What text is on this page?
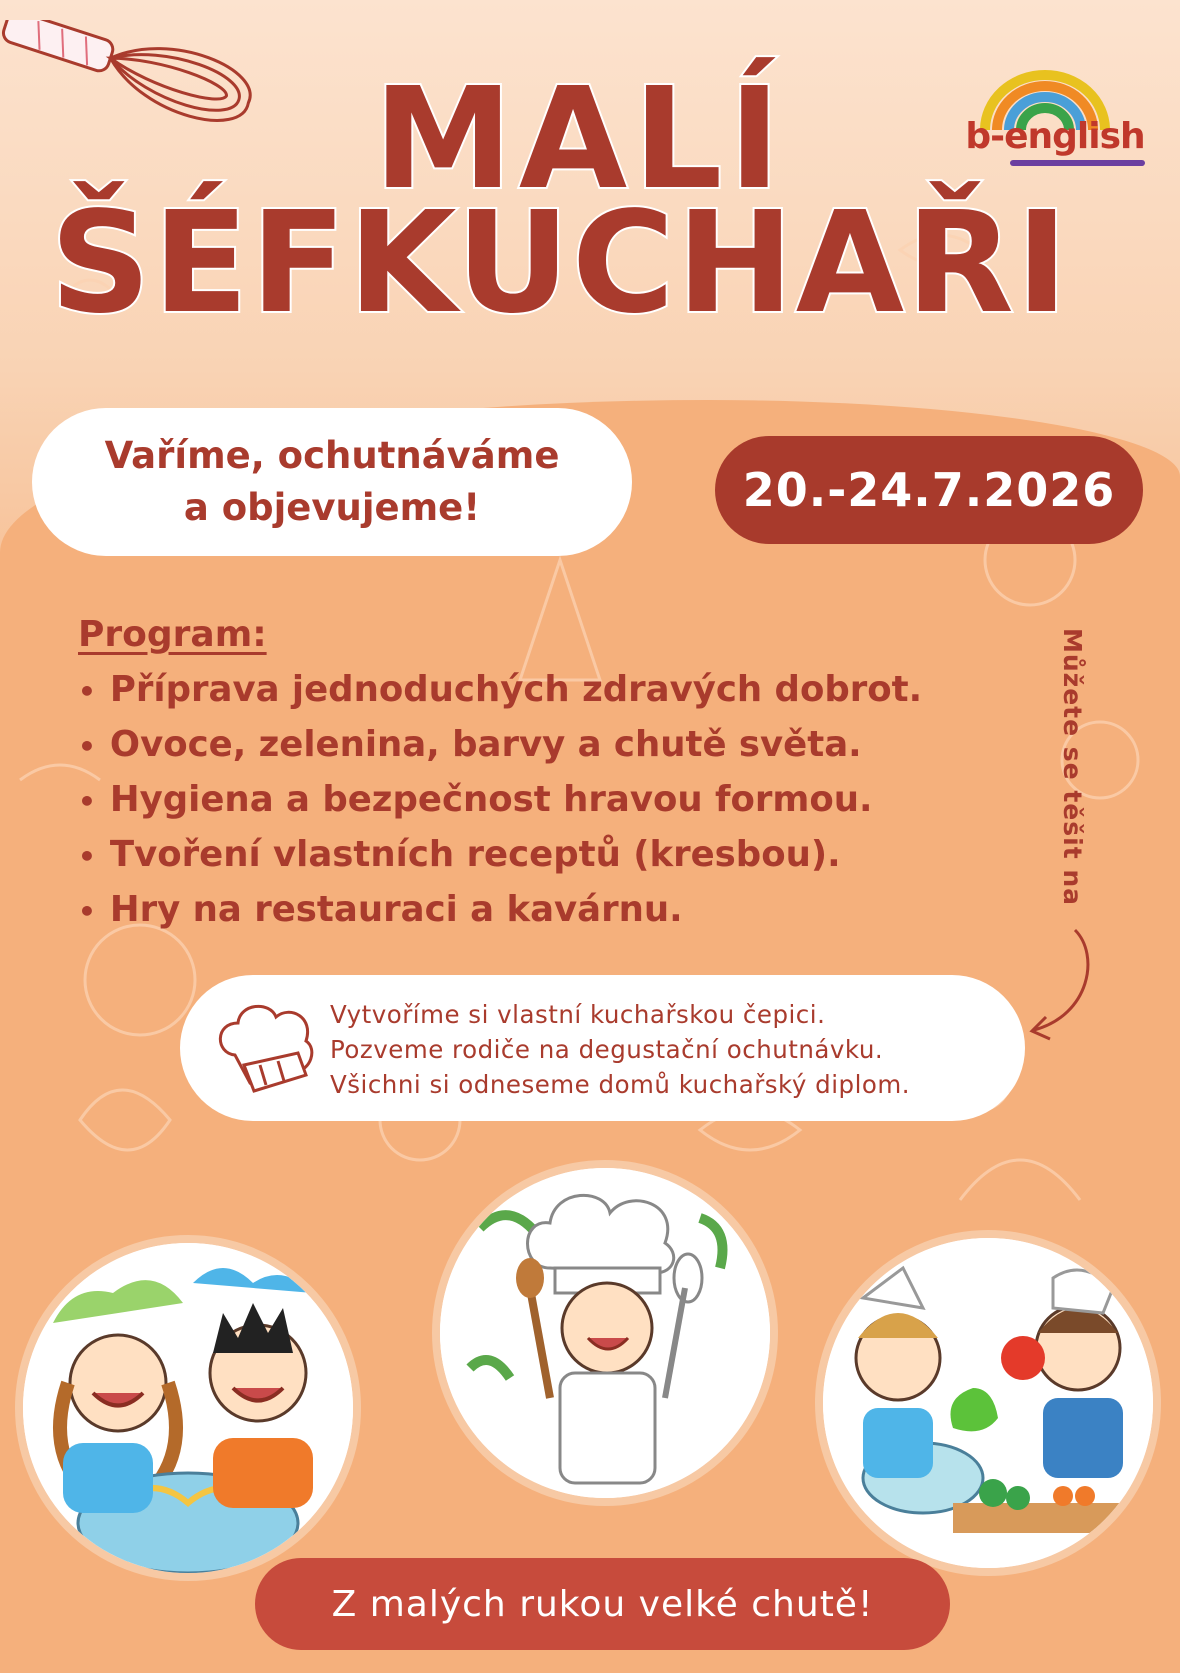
b-english
MALÍ
ŠÉFKUCHAŘI
Vaříme, ochutnáváme
a objevujeme!	20.-24.7.2026
Program:
• Příprava jednoduchých zdravých dobrot.
• Ovoce, zelenina, barvy a chutě světa.
• Hygiena a bezpečnost hravou formou.
• Tvoření vlastních receptů (kresbou).
• Hry na restauraci a kavárnu.
Můžete se těšit na
Vytvoříme si vlastní kuchařskou čepici.
Pozveme rodiče na degustační ochutnávku.
Všichni si odneseme domů kuchařský diplom.
Z malých rukou velké chutě!
